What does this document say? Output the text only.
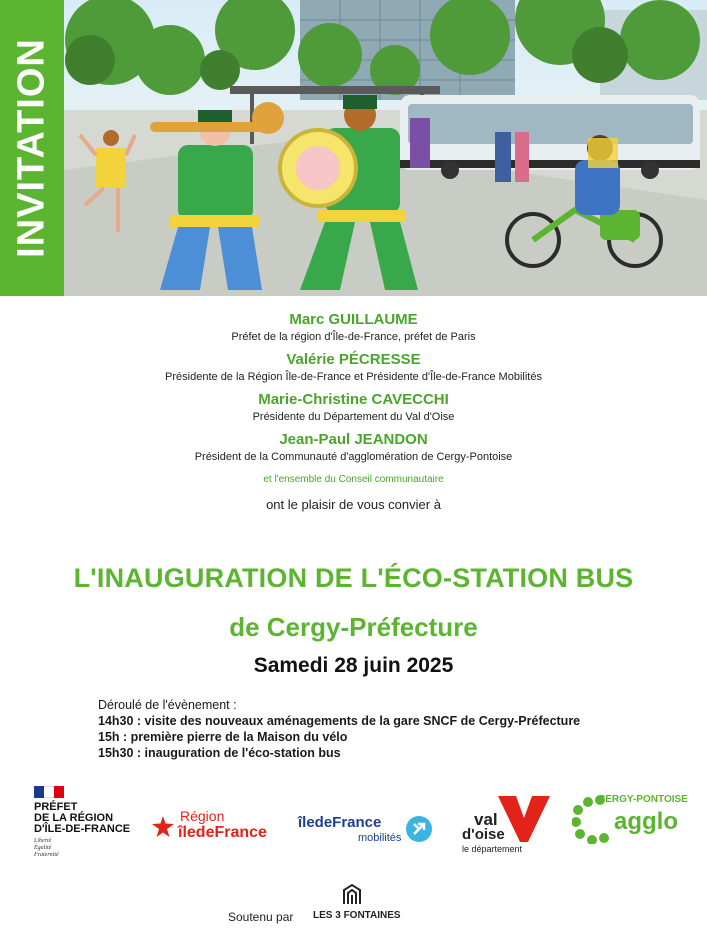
INVITATION
Marc GUILLAUME
Préfet de la région d'Île-de-France, préfet de Paris
Valérie PÉCRESSE
Présidente de la Région Île-de-France et Présidente d'Île-de-France Mobilités
Marie-Christine CAVECCHI
Présidente du Département du Val d'Oise
Jean-Paul JEANDON
Président de la Communauté d'agglomération de Cergy-Pontoise
et l'ensemble du Conseil communautaire
ont le plaisir de vous convier à
L'INAUGURATION DE L'ÉCO-STATION BUS
de Cergy-Préfecture
Samedi 28 juin 2025
Déroulé de l'évènement :
14h30 : visite des nouveaux aménagements de la gare SNCF de Cergy-Préfecture
15h : première pierre de la Maison du vélo
15h30 : inauguration de l'éco-station bus
PRÉFET
DE LA RÉGION
D'ÎLE-DE-FRANCE
Liberté
Égalité
Fraternité
Région
îledeFrance
îledeFrance
mobilités
val
d'oise
le département
CERGY-PONTOISE
agglo
Soutenu par LES 3 FONTAINES
